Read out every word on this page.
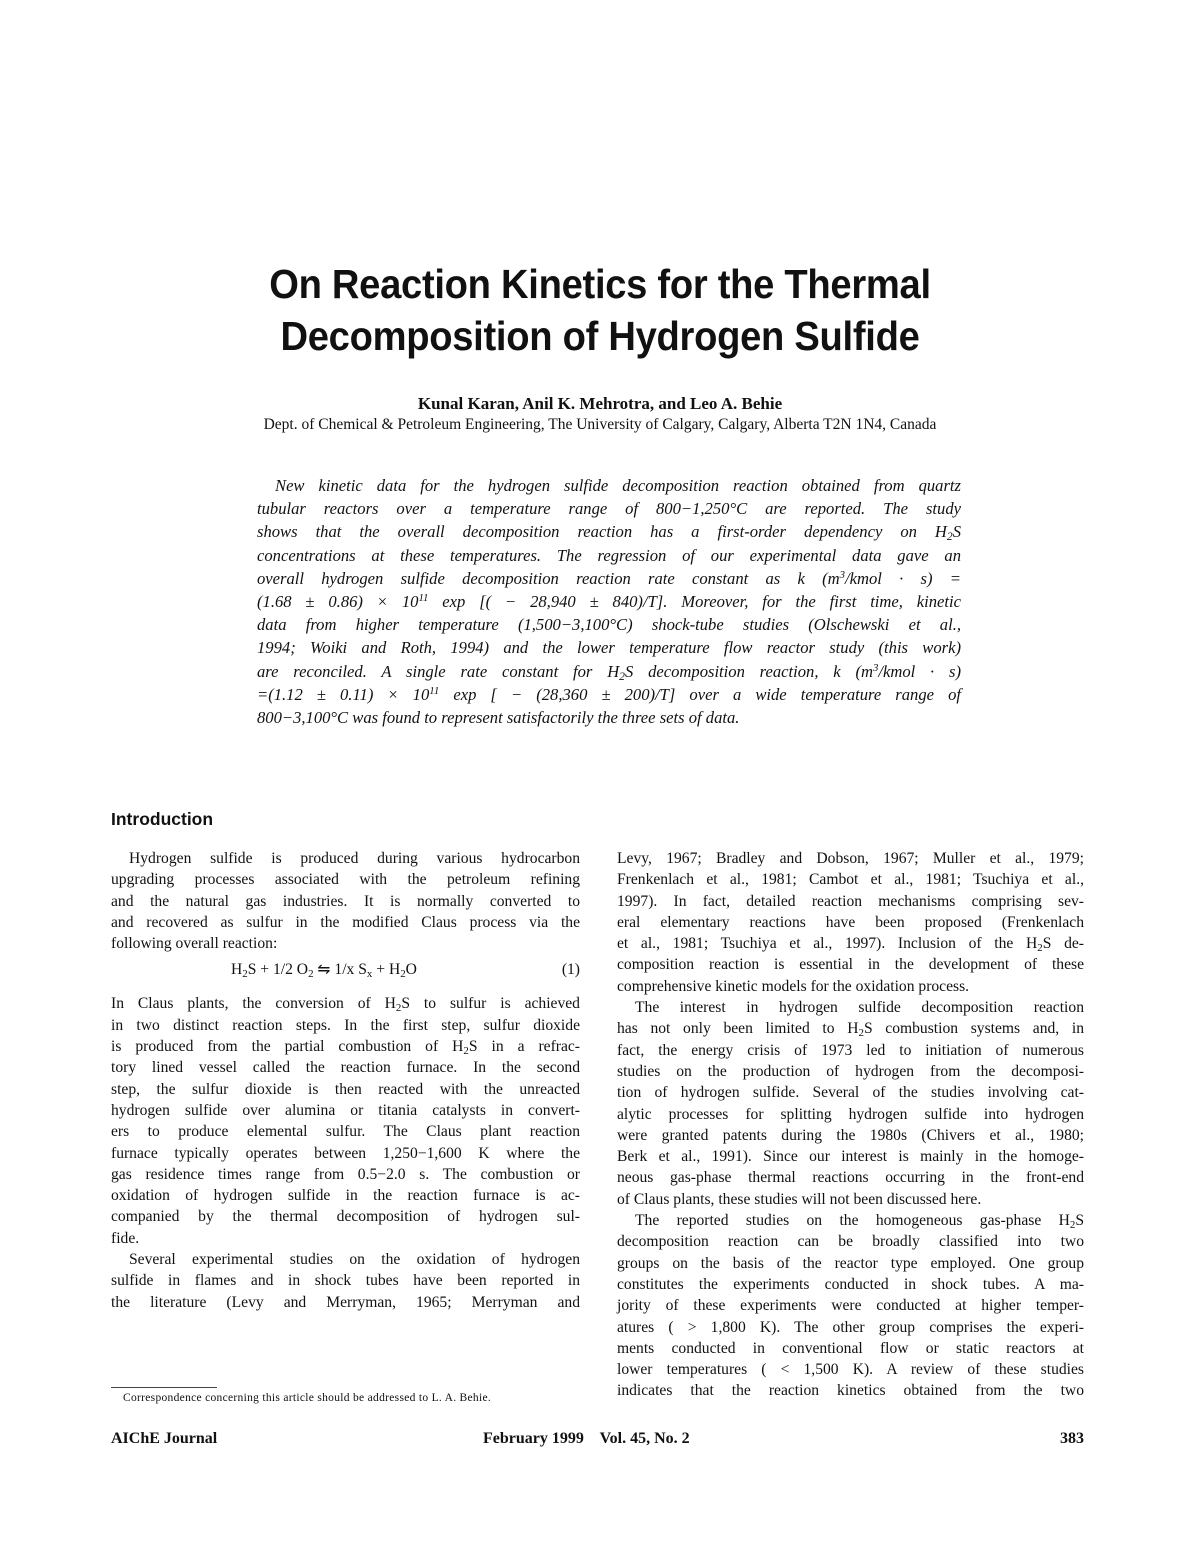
On Reaction Kinetics for the Thermal
Decomposition of Hydrogen Sulfide
Kunal Karan, Anil K. Mehrotra, and Leo A. Behie
Dept. of Chemical & Petroleum Engineering, The University of Calgary, Calgary, Alberta T2N 1N4, Canada
New kinetic data for the hydrogen sulfide decomposition reaction obtained from quartz
tubular reactors over a temperature range of 800−1,250°C are reported. The study
shows that the overall decomposition reaction has a first-order dependency on $H_2S$
concentrations at these temperatures. The regression of our experimental data gave an
overall hydrogen sulfide decomposition reaction rate constant as k ($m^3$/kmol · s) =
$(1.68 \pm 0.86) \times 10^{11}$ exp [( − 28,940 ± 840)/T]. Moreover, for the first time, kinetic
data from higher temperature (1,500−3,100°C) shock-tube studies (Olschewski et al.,
1994; Woiki and Roth, 1994) and the lower temperature flow reactor study (this work)
are reconciled. A single rate constant for $H_2S$ decomposition reaction, k ($m^3$/kmol · s)
$=(1.12 \pm 0.11) \times 10^{11}$ exp [ − (28,360 ± 200)/T] over a wide temperature range of
800−3,100°C was found to represent satisfactorily the three sets of data.
Introduction
Hydrogen sulfide is produced during various hydrocarbon
upgrading processes associated with the petroleum refining
and the natural gas industries. It is normally converted to
and recovered as sulfur in the modified Claus process via the
following overall reaction:
$H_2S + 1/2$ $O_2$ ⇋ 1/x $S_x + H_2O$	(1)
In Claus plants, the conversion of $H_2S$ to sulfur is achieved
in two distinct reaction steps. In the first step, sulfur dioxide
is produced from the partial combustion of $H_2S$ in a refrac-
tory lined vessel called the reaction furnace. In the second
step, the sulfur dioxide is then reacted with the unreacted
hydrogen sulfide over alumina or titania catalysts in convert-
ers to produce elemental sulfur. The Claus plant reaction
furnace typically operates between 1,250−1,600 K where the
gas residence times range from 0.5−2.0 s. The combustion or
oxidation of hydrogen sulfide in the reaction furnace is ac-
companied by the thermal decomposition of hydrogen sul-
fide.
Several experimental studies on the oxidation of hydrogen
sulfide in flames and in shock tubes have been reported in
the literature (Levy and Merryman, 1965; Merryman and
Levy, 1967; Bradley and Dobson, 1967; Muller et al., 1979;
Frenkenlach et al., 1981; Cambot et al., 1981; Tsuchiya et al.,
1997). In fact, detailed reaction mechanisms comprising sev-
eral elementary reactions have been proposed (Frenkenlach
et al., 1981; Tsuchiya et al., 1997). Inclusion of the $H_2S$ de-
composition reaction is essential in the development of these
comprehensive kinetic models for the oxidation process.
The interest in hydrogen sulfide decomposition reaction
has not only been limited to $H_2S$ combustion systems and, in
fact, the energy crisis of 1973 led to initiation of numerous
studies on the production of hydrogen from the decomposi-
tion of hydrogen sulfide. Several of the studies involving cat-
alytic processes for splitting hydrogen sulfide into hydrogen
were granted patents during the 1980s (Chivers et al., 1980;
Berk et al., 1991). Since our interest is mainly in the homoge-
neous gas-phase thermal reactions occurring in the front-end
of Claus plants, these studies will not been discussed here.
The reported studies on the homogeneous gas-phase $H_2S$
decomposition reaction can be broadly classified into two
groups on the basis of the reactor type employed. One group
constitutes the experiments conducted in shock tubes. A ma-
jority of these experiments were conducted at higher temper-
atures ( > 1,800 K). The other group comprises the experi-
ments conducted in conventional flow or static reactors at
lower temperatures ( < 1,500 K). A review of these studies
indicates that the reaction kinetics obtained from the two
Correspondence concerning this article should be addressed to L. A. Behie.
AIChE Journal	February 1999    Vol. 45, No. 2	383
